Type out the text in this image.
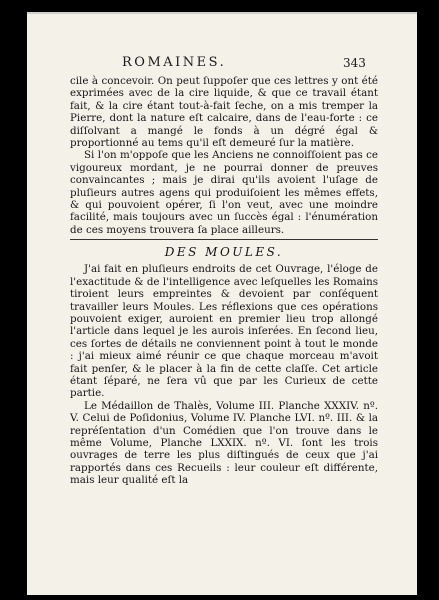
ROMAINES.	343

cile à concevoir. On peut ſuppoſer que ces lettres y ont été exprimées avec de la cire liquide, & que ce travail étant fait, & la cire étant tout-à-fait ſeche, on a mis tremper la Pierre, dont la nature eſt calcaire, dans de l'eau-forte : ce diſſolvant a mangé le fonds à un dégré égal & proportionné au tems qu'il eſt demeuré ſur la matière.

Si l'on m'oppoſe que les Anciens ne connoiſſoient pas ce vigoureux mordant, je ne pourrai donner de preuves convaincantes ; mais je dirai qu'ils avoient l'uſage de pluſieurs autres agens qui produiſoient les mêmes effets, & qui pouvoient opérer, ſi l'on veut, avec une moindre facilité, mais toujours avec un ſuccès égal : l'énumération de ces moyens trouvera ſa place ailleurs.

DES MOULES.

J'ai fait en pluſieurs endroits de cet Ouvrage, l'éloge de l'exactitude & de l'intelligence avec leſquelles les Romains tiroient leurs empreintes & devoient par conſéquent travailler leurs Moules. Les réflexions que ces opérations pouvoient exiger, auroient en premier lieu trop allongé l'article dans lequel je les aurois inſerées. En ſecond lieu, ces ſortes de détails ne conviennent point à tout le monde : j'ai mieux aimé réunir ce que chaque morceau m'avoit fait penſer, & le placer à la fin de cette claſſe. Cet article étant ſéparé, ne ſera vû que par les Curieux de cette partie.

Le Médaillon de Thalès, Volume III. Planche XXXIV. nº. V. Celui de Poſidonius, Volume IV. Planche LVI. nº. III. & la repréſentation d'un Comédien que l'on trouve dans le même Volume, Planche LXXIX. nº. VI. ſont les trois ouvrages de terre les plus diſtingués de ceux que j'ai rapportés dans ces Recueils : leur couleur eſt différente, mais leur qualité eſt la
